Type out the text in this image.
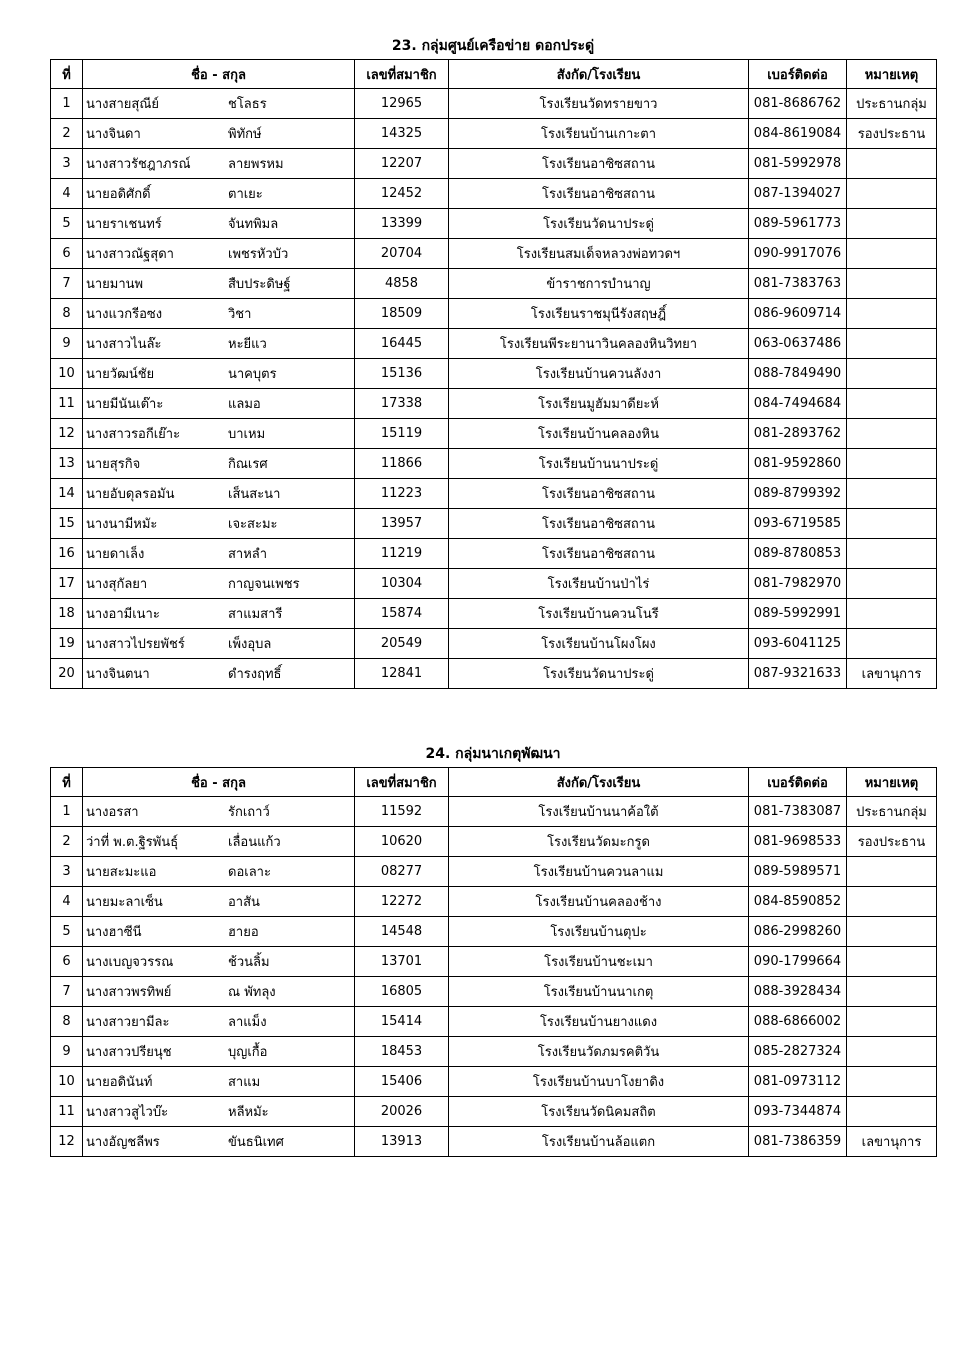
23. กลุ่มศูนย์เครือข่าย ดอกประดู่
ที่	ชื่อ - สกุล	เลขที่สมาชิก	สังกัด/โรงเรียน	เบอร์ติดต่อ	หมายเหตุ
1	นางสายสุณีย์ ชโลธร	12965	โรงเรียนวัดทรายขาว	081-8686762	ประธานกลุ่ม
2	นางจินดา พิทักษ์	14325	โรงเรียนบ้านเกาะตา	084-8619084	รองประธาน
3	นางสาวรัชฎาภรณ์ ลายพรหม	12207	โรงเรียนอาซิซสถาน	081-5992978	
4	นายอดิศักดิ์ ตาเยะ	12452	โรงเรียนอาซิซสถาน	087-1394027	
5	นายราเชนทร์ จันทพิมล	13399	โรงเรียนวัดนาประดู่	089-5961773	
6	นางสาวณัฐสุดา เพชรหัวบัว	20704	โรงเรียนสมเด็จหลวงพ่อทวดฯ	090-9917076	
7	นายมานพ สืบประดิษฐ์	4858	ข้าราชการบำนาญ	081-7383763	
8	นางแวกรีอซง วิชา	18509	โรงเรียนราชมุนีรังสฤษฎิ์	086-9609714	
9	นางสาวไนล๊ะ หะยีแว	16445	โรงเรียนพีระยานาวินคลองหินวิทยา	063-0637486	
10	นายวัฒน์ชัย นาคบุตร	15136	โรงเรียนบ้านควนลังงา	088-7849490	
11	นายมีนันเต๊าะ แลมอ	17338	โรงเรียนมูฮัมมาดียะห์	084-7494684	
12	นางสาวรอกีเย๊าะ บาเหม	15119	โรงเรียนบ้านคลองหิน	081-2893762	
13	นายสุรกิจ กิณเรศ	11866	โรงเรียนบ้านนาประดู่	081-9592860	
14	นายอับดุลรอมัน เส็นสะนา	11223	โรงเรียนอาซิซสถาน	089-8799392	
15	นางนามีหมัะ เจะสะมะ	13957	โรงเรียนอาซิซสถาน	093-6719585	
16	นายดาเล็ง สาหลำ	11219	โรงเรียนอาซิซสถาน	089-8780853	
17	นางสุกัลยา กาญจนเพชร	10304	โรงเรียนบ้านป่าไร่	081-7982970	
18	นางอามีเนาะ สาแมสารี	15874	โรงเรียนบ้านควนโนรี	089-5992991	
19	นางสาวไปรยพัชร์ เพ็งอุบล	20549	โรงเรียนบ้านโผงโผง	093-6041125	
20	นางจินตนา ดำรงฤทธิ์	12841	โรงเรียนวัดนาประดู่	087-9321633	เลขานุการ
24. กลุ่มนาเกตุพัฒนา
ที่	ชื่อ - สกุล	เลขที่สมาชิก	สังกัด/โรงเรียน	เบอร์ติดต่อ	หมายเหตุ
1	นางอรสา รักเถาว์	11592	โรงเรียนบ้านนาค้อใต้	081-7383087	ประธานกลุ่ม
2	ว่าที่ พ.ต.ฐิรพันธุ์ เลื่อนแก้ว	10620	โรงเรียนวัดมะกรูด	081-9698533	รองประธาน
3	นายสะมะแอ ดอเลาะ	08277	โรงเรียนบ้านควนลาแม	089-5989571	
4	นายมะลาเซ็น อาสัน	12272	โรงเรียนบ้านคลองช้าง	084-8590852	
5	นางฮาซีนี ฮายอ	14548	โรงเรียนบ้านตุปะ	086-2998260	
6	นางเบญจวรรณ ช้วนลิ้ม	13701	โรงเรียนบ้านชะเมา	090-1799664	
7	นางสาวพรทิพย์ ณ พัทลุง	16805	โรงเรียนบ้านนาเกตุ	088-3928434	
8	นางสาวยามีละ ลาแม็ง	15414	โรงเรียนบ้านยางแดง	088-6866002	
9	นางสาวปรียนุช บุญเกื้อ	18453	โรงเรียนวัดภมรคติวัน	085-2827324	
10	นายอดินันท์ สาแม	15406	โรงเรียนบ้านบาโงยาดิง	081-0973112	
11	นางสาวสูไวบ๊ะ หลีหมัะ	20026	โรงเรียนวัดนิคมสถิต	093-7344874	
12	นางอัญชลีพร ขันธนิเทศ	13913	โรงเรียนบ้านล้อแตก	081-7386359	เลขานุการ
